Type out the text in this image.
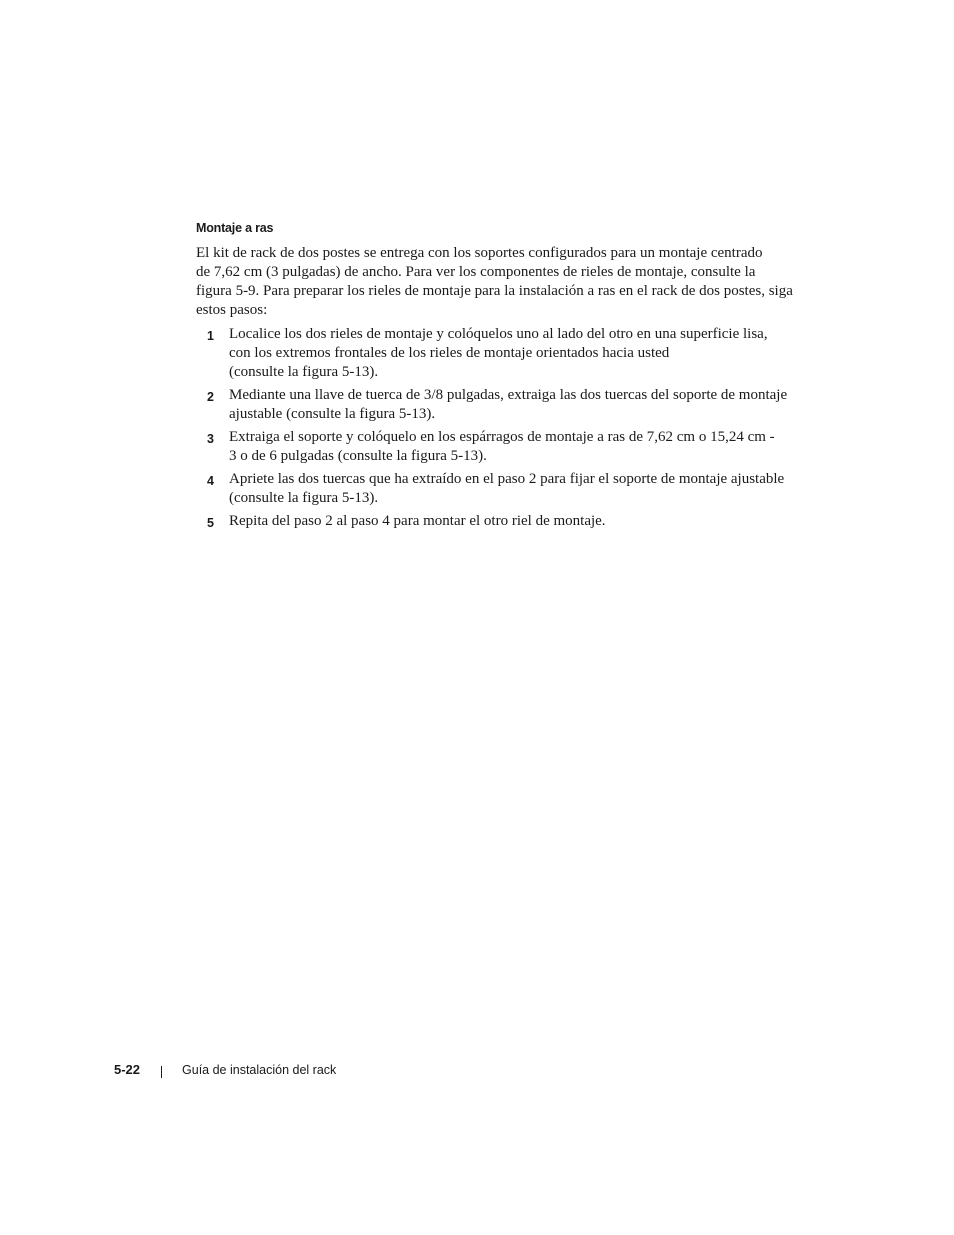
Montaje a ras

El kit de rack de dos postes se entrega con los soportes configurados para un montaje centrado
de 7,62 cm (3 pulgadas) de ancho. Para ver los componentes de rieles de montaje, consulte la
figura 5-9. Para preparar los rieles de montaje para la instalación a ras en el rack de dos postes, siga
estos pasos:

1 Localice los dos rieles de montaje y colóquelos uno al lado del otro en una superficie lisa,
con los extremos frontales de los rieles de montaje orientados hacia usted
(consulte la figura 5-13).
2 Mediante una llave de tuerca de 3/8 pulgadas, extraiga las dos tuercas del soporte de montaje
ajustable (consulte la figura 5-13).
3 Extraiga el soporte y colóquelo en los espárragos de montaje a ras de 7,62 cm o 15,24 cm -
3 o de 6 pulgadas (consulte la figura 5-13).
4 Apriete las dos tuercas que ha extraído en el paso 2 para fijar el soporte de montaje ajustable
(consulte la figura 5-13).
5 Repita del paso 2 al paso 4 para montar el otro riel de montaje.
5-22	Guía de instalación del rack
